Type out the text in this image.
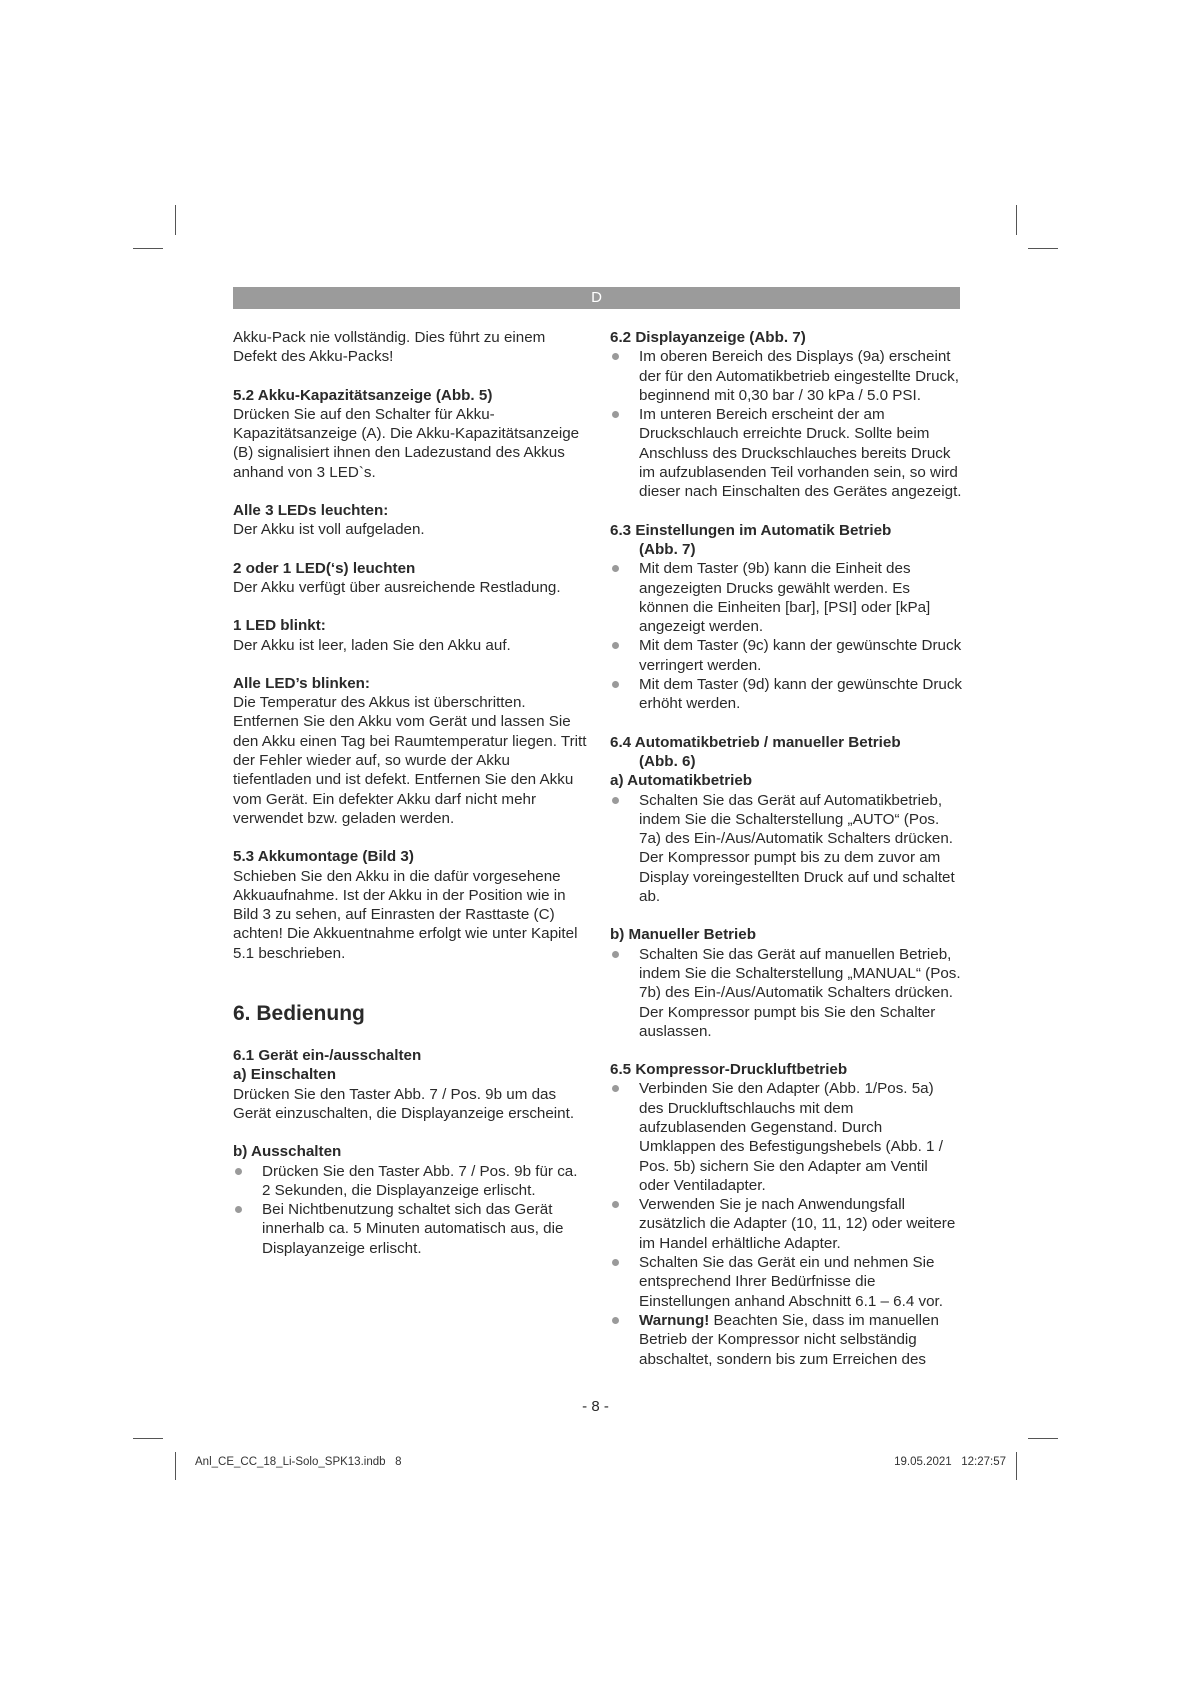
D

Akku-Pack nie vollständig. Dies führt zu einem Defekt des Akku-Packs!

5.2 Akku-Kapazitätsanzeige (Abb. 5)

Drücken Sie auf den Schalter für Akku-Kapazitätsanzeige (A). Die Akku-Kapazitätsanzeige (B) signalisiert ihnen den Ladezustand des Akkus anhand von 3 LED`s.

Alle 3 LEDs leuchten:

Der Akku ist voll aufgeladen.

2 oder 1 LED(‘s) leuchten

Der Akku verfügt über ausreichende Restladung.

1 LED blinkt:

Der Akku ist leer, laden Sie den Akku auf.

Alle LED’s blinken:

Die Temperatur des Akkus ist überschritten. Entfernen Sie den Akku vom Gerät und lassen Sie den Akku einen Tag bei Raumtemperatur liegen. Tritt der Fehler wieder auf, so wurde der Akku tiefentladen und ist defekt. Entfernen Sie den Akku vom Gerät. Ein defekter Akku darf nicht mehr verwendet bzw. geladen werden.

5.3 Akkumontage (Bild 3)

Schieben Sie den Akku in die dafür vorgesehene Akkuaufnahme. Ist der Akku in der Position wie in Bild 3 zu sehen, auf Einrasten der Rasttaste (C) achten! Die Akkuentnahme erfolgt wie unter Kapitel 5.1 beschrieben.

6. Bedienung

6.1 Gerät ein-/ausschalten

a) Einschalten

Drücken Sie den Taster Abb. 7 / Pos. 9b um das Gerät einzuschalten, die Displayanzeige erscheint.

b) Ausschalten

Drücken Sie den Taster Abb. 7 / Pos. 9b für ca. 2 Sekunden, die Displayanzeige erlischt.
Bei Nichtbenutzung schaltet sich das Gerät innerhalb ca. 5 Minuten automatisch aus, die Displayanzeige erlischt.

6.2 Displayanzeige (Abb. 7)

Im oberen Bereich des Displays (9a) erscheint der für den Automatikbetrieb eingestellte Druck, beginnend mit 0,30 bar / 30 kPa / 5.0 PSI.
Im unteren Bereich erscheint der am Druckschlauch erreichte Druck. Sollte beim Anschluss des Druckschlauches bereits Druck im aufzublasenden Teil vorhanden sein, so wird dieser nach Einschalten des Gerätes angezeigt.

6.3 Einstellungen im Automatik Betrieb

(Abb. 7)

Mit dem Taster (9b) kann die Einheit des angezeigten Drucks gewählt werden. Es können die Einheiten [bar], [PSI] oder [kPa] angezeigt werden.
Mit dem Taster (9c) kann der gewünschte Druck verringert werden.
Mit dem Taster (9d) kann der gewünschte Druck erhöht werden.

6.4 Automatikbetrieb / manueller Betrieb

(Abb. 6)

a) Automatikbetrieb

Schalten Sie das Gerät auf Automatikbetrieb, indem Sie die Schalterstellung „AUTO“ (Pos. 7a) des Ein-/Aus/Automatik Schalters drücken. Der Kompressor pumpt bis zu dem zuvor am Display voreingestellten Druck auf und schaltet ab.

b) Manueller Betrieb

Schalten Sie das Gerät auf manuellen Betrieb, indem Sie die Schalterstellung „MANUAL“ (Pos. 7b) des Ein-/Aus/Automatik Schalters drücken. Der Kompressor pumpt bis Sie den Schalter auslassen.

6.5 Kompressor-Druckluftbetrieb

Verbinden Sie den Adapter (Abb. 1/Pos. 5a) des Druckluftschlauchs mit dem aufzublasenden Gegenstand. Durch Umklappen des Befestigungshebels (Abb. 1 / Pos. 5b) sichern Sie den Adapter am Ventil oder Ventiladapter.
Verwenden Sie je nach Anwendungsfall zusätzlich die Adapter (10, 11, 12) oder weitere im Handel erhältliche Adapter.
Schalten Sie das Gerät ein und nehmen Sie entsprechend Ihrer Bedürfnisse die Einstellungen anhand Abschnitt 6.1 – 6.4 vor.
Warnung! Beachten Sie, dass im manuellen Betrieb der Kompressor nicht selbständig abschaltet, sondern bis zum Erreichen des
- 8 -
Anl_CE_CC_18_Li-Solo_SPK13.indb   8	19.05.2021   12:27:57
